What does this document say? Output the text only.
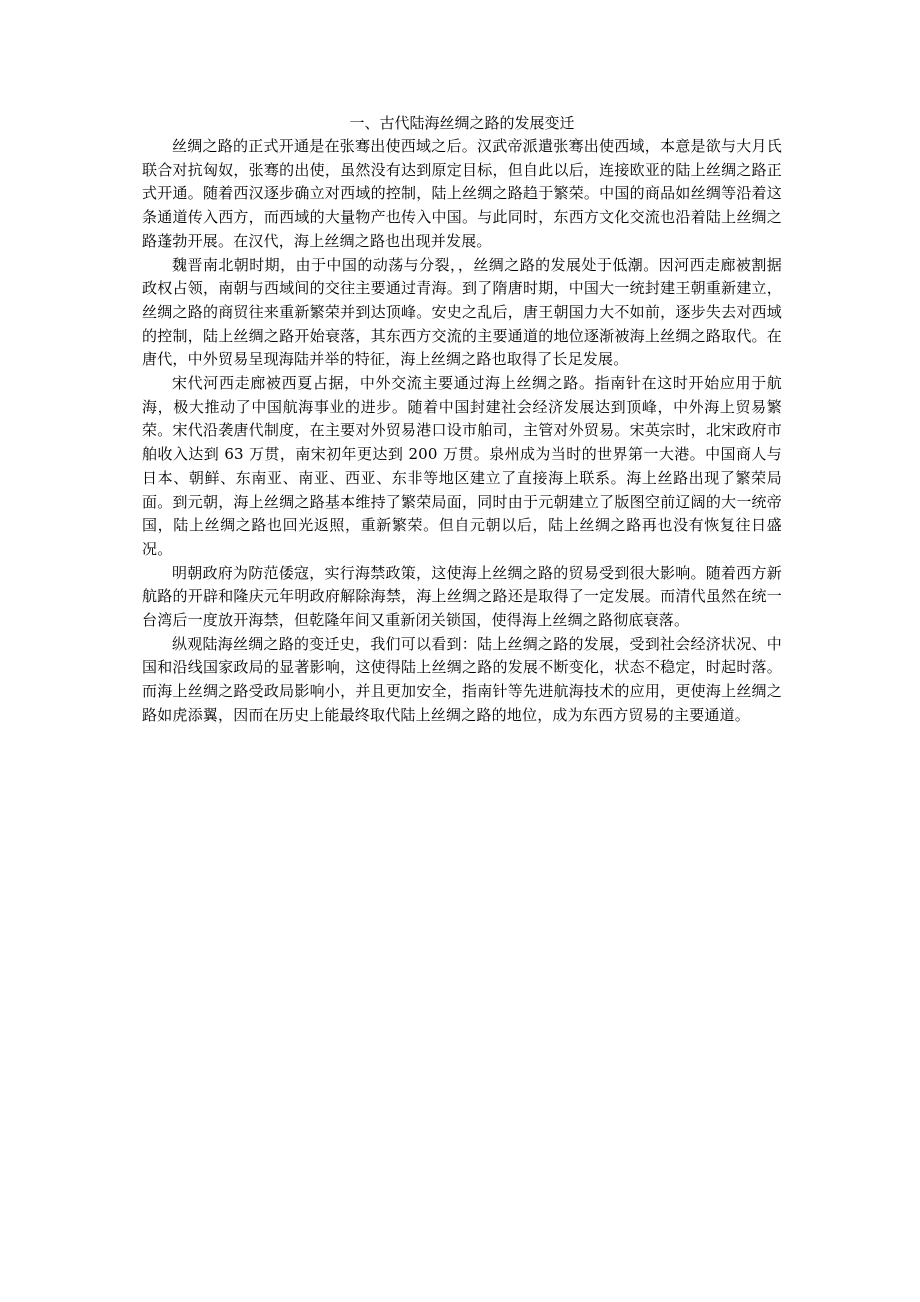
一、古代陆海丝绸之路的发展变迁

丝绸之路的正式开通是在张骞出使西域之后。汉武帝派遣张骞出使西域，本意是欲与大月氏联合对抗匈奴，张骞的出使，虽然没有达到原定目标，但自此以后，连接欧亚的陆上丝绸之路正式开通。随着西汉逐步确立对西域的控制，陆上丝绸之路趋于繁荣。中国的商品如丝绸等沿着这条通道传入西方，而西域的大量物产也传入中国。与此同时，东西方文化交流也沿着陆上丝绸之路蓬勃开展。在汉代，海上丝绸之路也出现并发展。

魏晋南北朝时期，由于中国的动荡与分裂，，丝绸之路的发展处于低潮。因河西走廊被割据政权占领，南朝与西域间的交往主要通过青海。到了隋唐时期，中国大一统封建王朝重新建立，丝绸之路的商贸往来重新繁荣并到达顶峰。安史之乱后，唐王朝国力大不如前，逐步失去对西域的控制，陆上丝绸之路开始衰落，其东西方交流的主要通道的地位逐渐被海上丝绸之路取代。在唐代，中外贸易呈现海陆并举的特征，海上丝绸之路也取得了长足发展。

宋代河西走廊被西夏占据，中外交流主要通过海上丝绸之路。指南针在这时开始应用于航海，极大推动了中国航海事业的进步。随着中国封建社会经济发展达到顶峰，中外海上贸易繁荣。宋代沿袭唐代制度，在主要对外贸易港口设市舶司，主管对外贸易。宋英宗时，北宋政府市舶收入达到 63 万贯，南宋初年更达到 200 万贯。泉州成为当时的世界第一大港。中国商人与日本、朝鲜、东南亚、南亚、西亚、东非等地区建立了直接海上联系。海上丝路出现了繁荣局面。到元朝，海上丝绸之路基本维持了繁荣局面，同时由于元朝建立了版图空前辽阔的大一统帝国，陆上丝绸之路也回光返照，重新繁荣。但自元朝以后，陆上丝绸之路再也没有恢复往日盛况。

明朝政府为防范倭寇，实行海禁政策，这使海上丝绸之路的贸易受到很大影响。随着西方新航路的开辟和隆庆元年明政府解除海禁，海上丝绸之路还是取得了一定发展。而清代虽然在统一台湾后一度放开海禁，但乾隆年间又重新闭关锁国，使得海上丝绸之路彻底衰落。

纵观陆海丝绸之路的变迁史，我们可以看到：陆上丝绸之路的发展，受到社会经济状况、中国和沿线国家政局的显著影响，这使得陆上丝绸之路的发展不断变化，状态不稳定，时起时落。而海上丝绸之路受政局影响小，并且更加安全，指南针等先进航海技术的应用，更使海上丝绸之路如虎添翼，因而在历史上能最终取代陆上丝绸之路的地位，成为东西方贸易的主要通道。
